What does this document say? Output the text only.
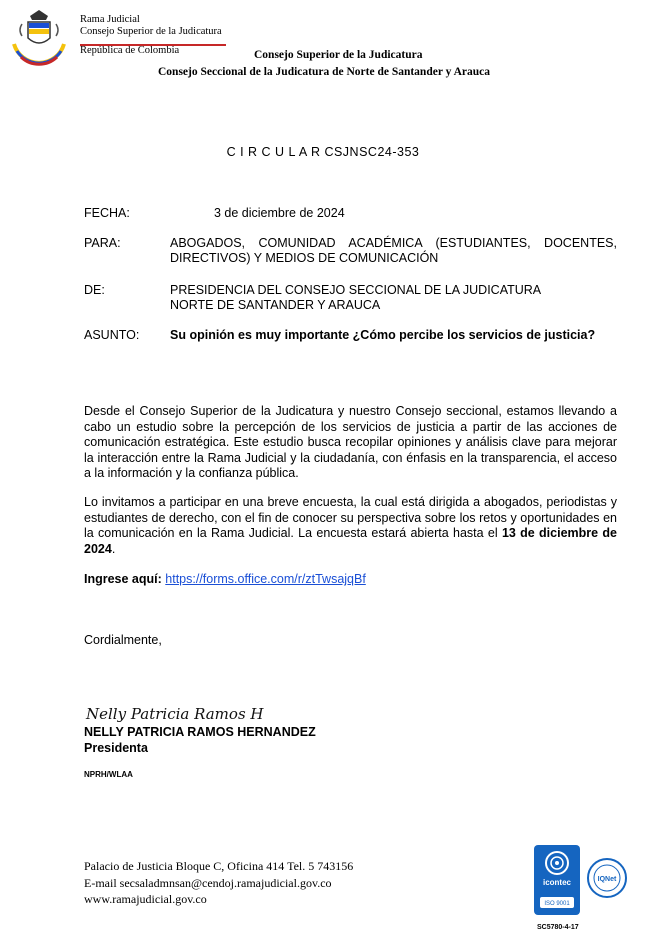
Rama Judicial
Consejo Superior de la Judicatura
República de Colombia	Consejo Superior de la Judicatura
Consejo Seccional de la Judicatura de Norte de Santander y Arauca
C I R C U L A R CSJNSC24-353
FECHA:	3 de diciembre de 2024
PARA:	ABOGADOS, COMUNIDAD ACADÉMICA (ESTUDIANTES, DOCENTES, DIRECTIVOS) Y MEDIOS DE COMUNICACIÓN
DE:	PRESIDENCIA DEL CONSEJO SECCIONAL DE LA JUDICATURA
NORTE DE SANTANDER Y ARAUCA
ASUNTO: Su opinión es muy importante ¿Cómo percibe los servicios de justicia?
Desde el Consejo Superior de la Judicatura y nuestro Consejo seccional, estamos llevando a cabo un estudio sobre la percepción de los servicios de justicia a partir de las acciones de comunicación estratégica. Este estudio busca recopilar opiniones y análisis clave para mejorar la interacción entre la Rama Judicial y la ciudadanía, con énfasis en la transparencia, el acceso a la información y la confianza pública.
Lo invitamos a participar en una breve encuesta, la cual está dirigida a abogados, periodistas y estudiantes de derecho, con el fin de conocer su perspectiva sobre los retos y oportunidades en la comunicación en la Rama Judicial. La encuesta estará abierta hasta el 13 de diciembre de 2024.
Ingrese aquí: https://forms.office.com/r/ztTwsajqBf
Cordialmente,
Nelly Patricia Ramos H
NELLY PATRICIA RAMOS HERNANDEZ
Presidenta
NPRH/WLAA
Palacio de Justicia Bloque C, Oficina 414 Tel. 5 743156
E-mail secsaladmnsan@cendoj.ramajudicial.gov.co
www.ramajudicial.gov.co
icontec
ISO 9001
IQNet
SC5780-4-17
